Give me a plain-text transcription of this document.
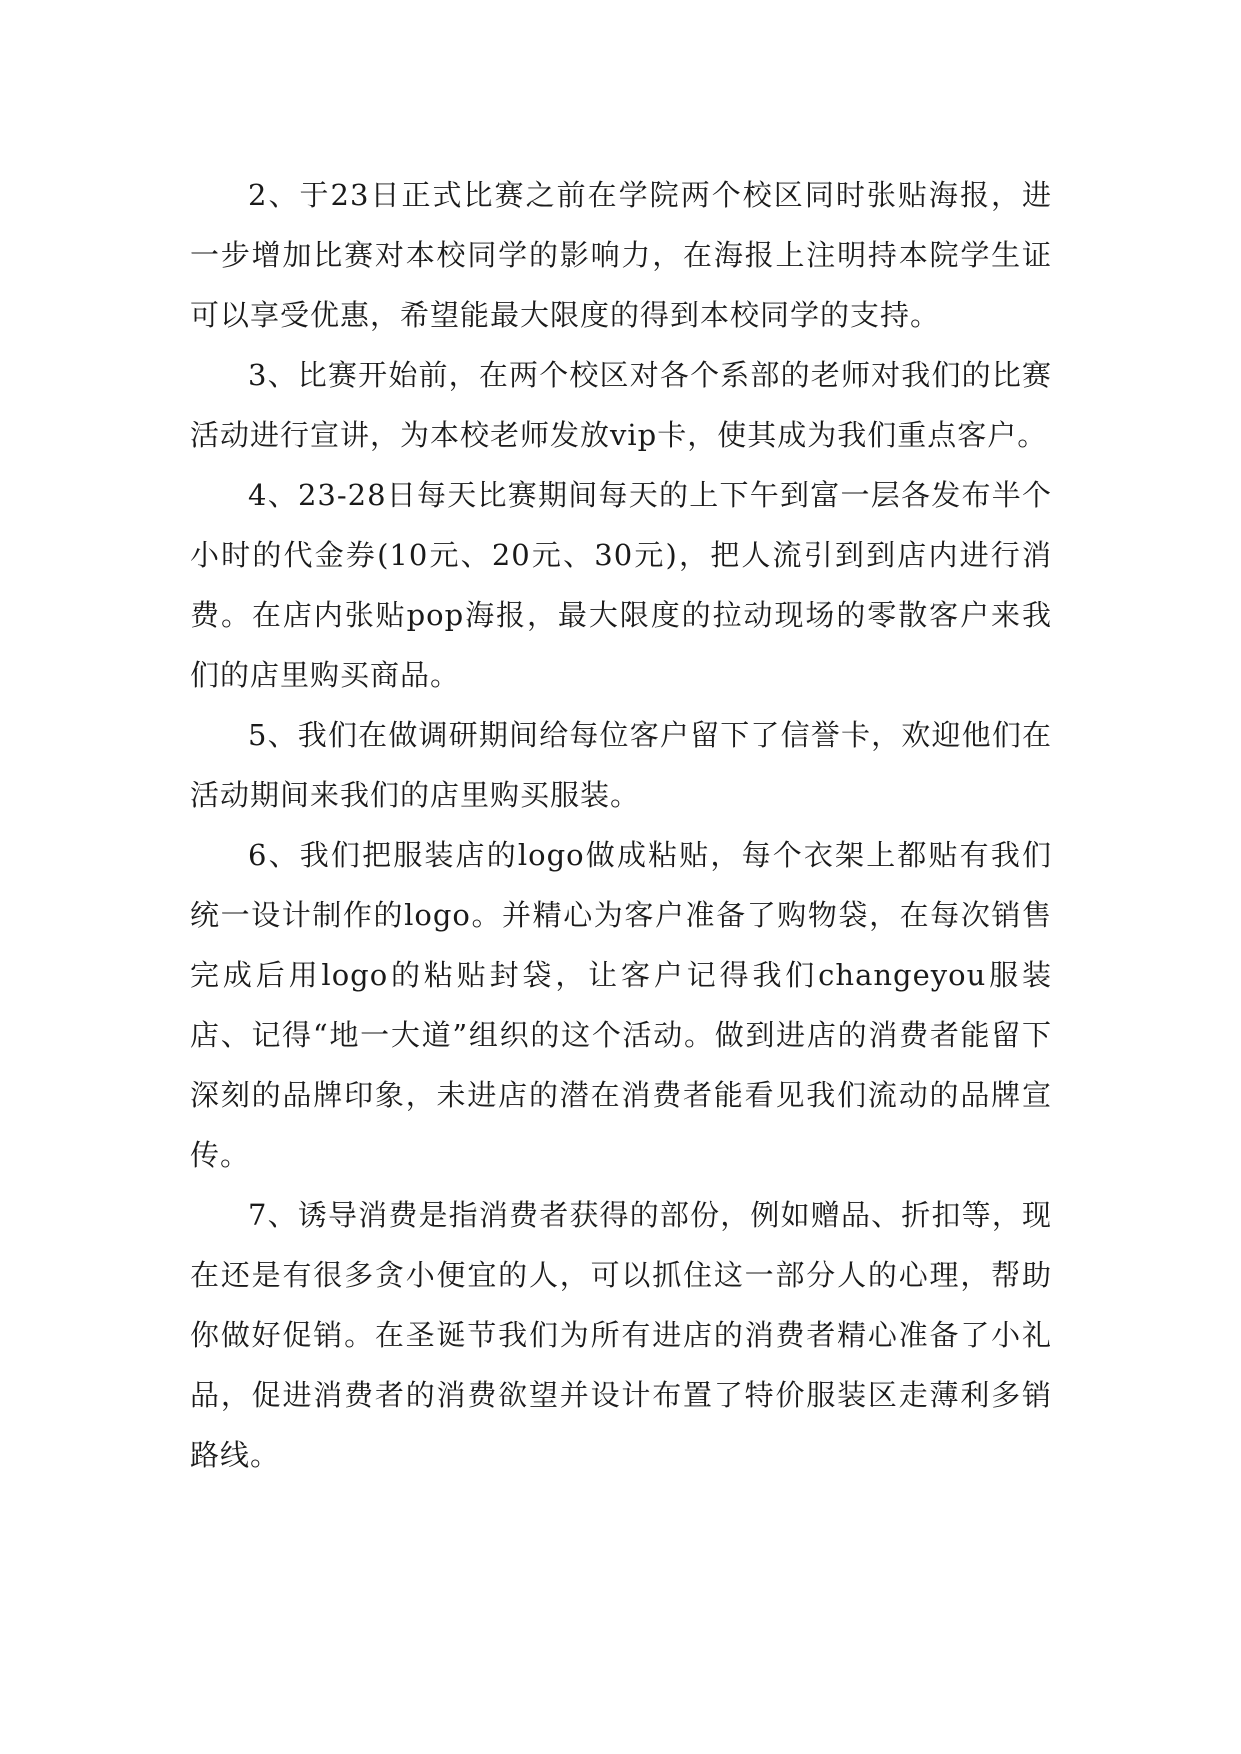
2、于23日正式比赛之前在学院两个校区同时张贴海报，进一步增加比赛对本校同学的影响力，在海报上注明持本院学生证可以享受优惠，希望能最大限度的得到本校同学的支持。

3、比赛开始前，在两个校区对各个系部的老师对我们的比赛活动进行宣讲，为本校老师发放vip卡，使其成为我们重点客户。

4、23-28日每天比赛期间每天的上下午到富一层各发布半个小时的代金券(10元、20元、30元)，把人流引到到店内进行消费。在店内张贴pop海报，最大限度的拉动现场的零散客户来我们的店里购买商品。

5、我们在做调研期间给每位客户留下了信誉卡，欢迎他们在活动期间来我们的店里购买服装。

6、我们把服装店的logo做成粘贴，每个衣架上都贴有我们统一设计制作的logo。并精心为客户准备了购物袋，在每次销售完成后用logo的粘贴封袋，让客户记得我们changeyou服装店、记得“地一大道”组织的这个活动。做到进店的消费者能留下深刻的品牌印象，未进店的潜在消费者能看见我们流动的品牌宣传。

7、诱导消费是指消费者获得的部份，例如赠品、折扣等，现在还是有很多贪小便宜的人，可以抓住这一部分人的心理，帮助你做好促销。在圣诞节我们为所有进店的消费者精心准备了小礼品，促进消费者的消费欲望并设计布置了特价服装区走薄利多销路线。
